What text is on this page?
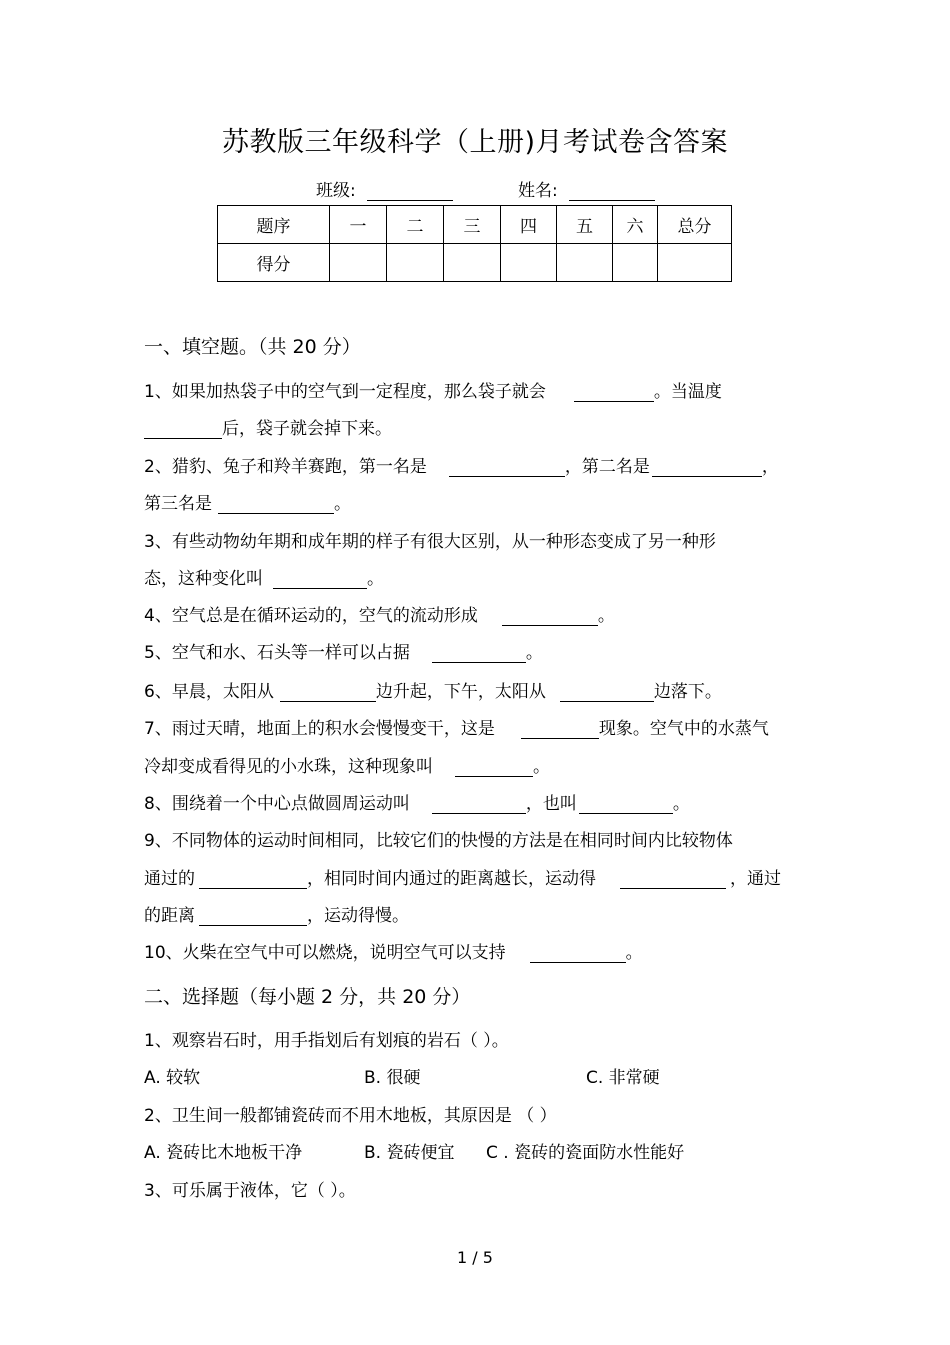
苏教版三年级科学（上册)月考试卷含答案
班级:	姓名:
题序	一	二	三	四	五	六	总分
得分							
一、填空题。（共 20 分）
1、如果加热袋子中的空气到一定程度，那么袋子就会	。当温度
后，袋子就会掉下来。
2、猎豹、兔子和羚羊赛跑，第一名是	，第二名是	，
第三名是	。
3、有些动物幼年期和成年期的样子有很大区别，从一种形态变成了另一种形
态，这种变化叫	。
4、空气总是在循环运动的，空气的流动形成	。
5、空气和水、石头等一样可以占据	。
6、早晨，太阳从	边升起，下午，太阳从	边落下。
7、雨过天晴，地面上的积水会慢慢变干，这是	现象。空气中的水蒸气
冷却变成看得见的小水珠，这种现象叫	。
8、围绕着一个中心点做圆周运动叫	，也叫	。
9、不同物体的运动时间相同，比较它们的快慢的方法是在相同时间内比较物体
通过的	，相同时间内通过的距离越长，运动得	，通过
的距离	，运动得慢。
10、火柴在空气中可以燃烧，说明空气可以支持	。
二、选择题（每小题 2 分，共 20 分）
1、观察岩石时，用手指划后有划痕的岩石（ ）。
A. 较软	B. 很硬	C. 非常硬
2、卫生间一般都铺瓷砖而不用木地板，其原因是 （ ）
A. 瓷砖比木地板干净	B. 瓷砖便宜 C . 瓷砖的瓷面防水性能好
3、可乐属于液体，它（ ）。
1 / 5
